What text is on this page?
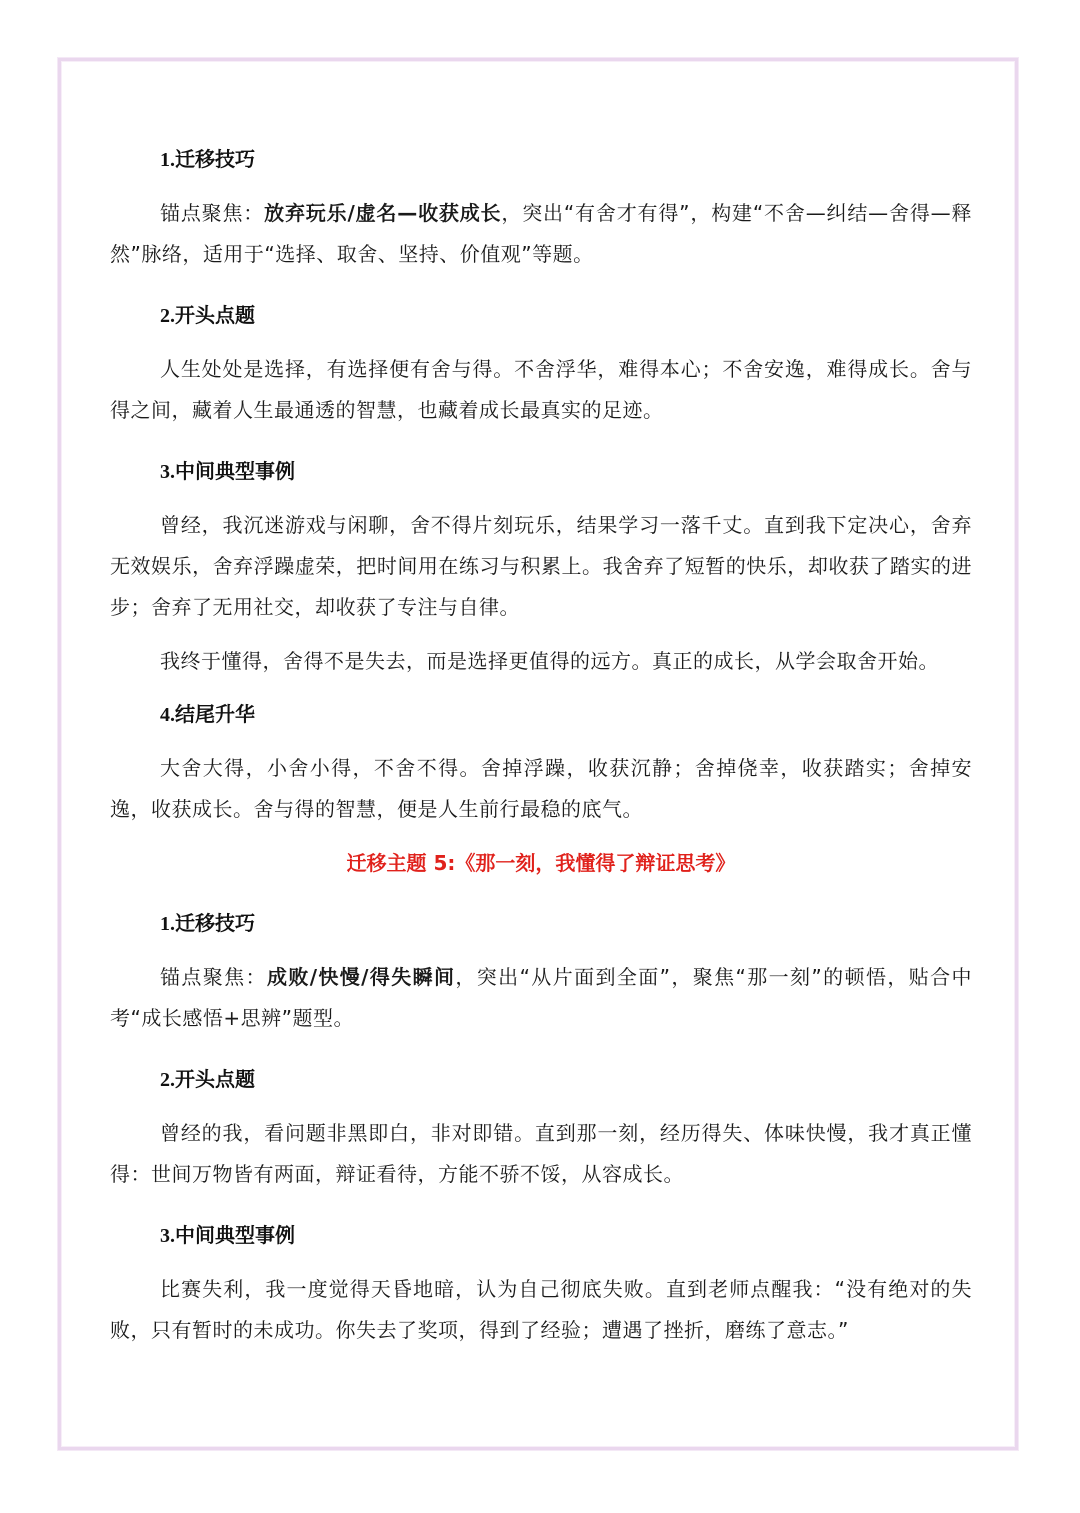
1.迁移技巧

锚点聚焦：放弃玩乐/虚名—收获成长，突出“有舍才有得”，构建“不舍—纠结—舍得—释然”脉络，适用于“选择、取舍、坚持、价值观”等题。

2.开头点题

人生处处是选择，有选择便有舍与得。不舍浮华，难得本心；不舍安逸，难得成长。舍与得之间，藏着人生最通透的智慧，也藏着成长最真实的足迹。

3.中间典型事例

曾经，我沉迷游戏与闲聊，舍不得片刻玩乐，结果学习一落千丈。直到我下定决心，舍弃无效娱乐，舍弃浮躁虚荣，把时间用在练习与积累上。我舍弃了短暂的快乐，却收获了踏实的进步；舍弃了无用社交，却收获了专注与自律。

我终于懂得，舍得不是失去，而是选择更值得的远方。真正的成长，从学会取舍开始。

4.结尾升华

大舍大得，小舍小得，不舍不得。舍掉浮躁，收获沉静；舍掉侥幸，收获踏实；舍掉安逸，收获成长。舍与得的智慧，便是人生前行最稳的底气。

迁移主题 5:《那一刻，我懂得了辩证思考》

1.迁移技巧

锚点聚焦：成败/快慢/得失瞬间，突出“从片面到全面”，聚焦“那一刻”的顿悟，贴合中考“成长感悟+思辨”题型。

2.开头点题

曾经的我，看问题非黑即白，非对即错。直到那一刻，经历得失、体味快慢，我才真正懂得：世间万物皆有两面，辩证看待，方能不骄不馁，从容成长。

3.中间典型事例

比赛失利，我一度觉得天昏地暗，认为自己彻底失败。直到老师点醒我：“没有绝对的失败，只有暂时的未成功。你失去了奖项，得到了经验；遭遇了挫折，磨练了意志。”
